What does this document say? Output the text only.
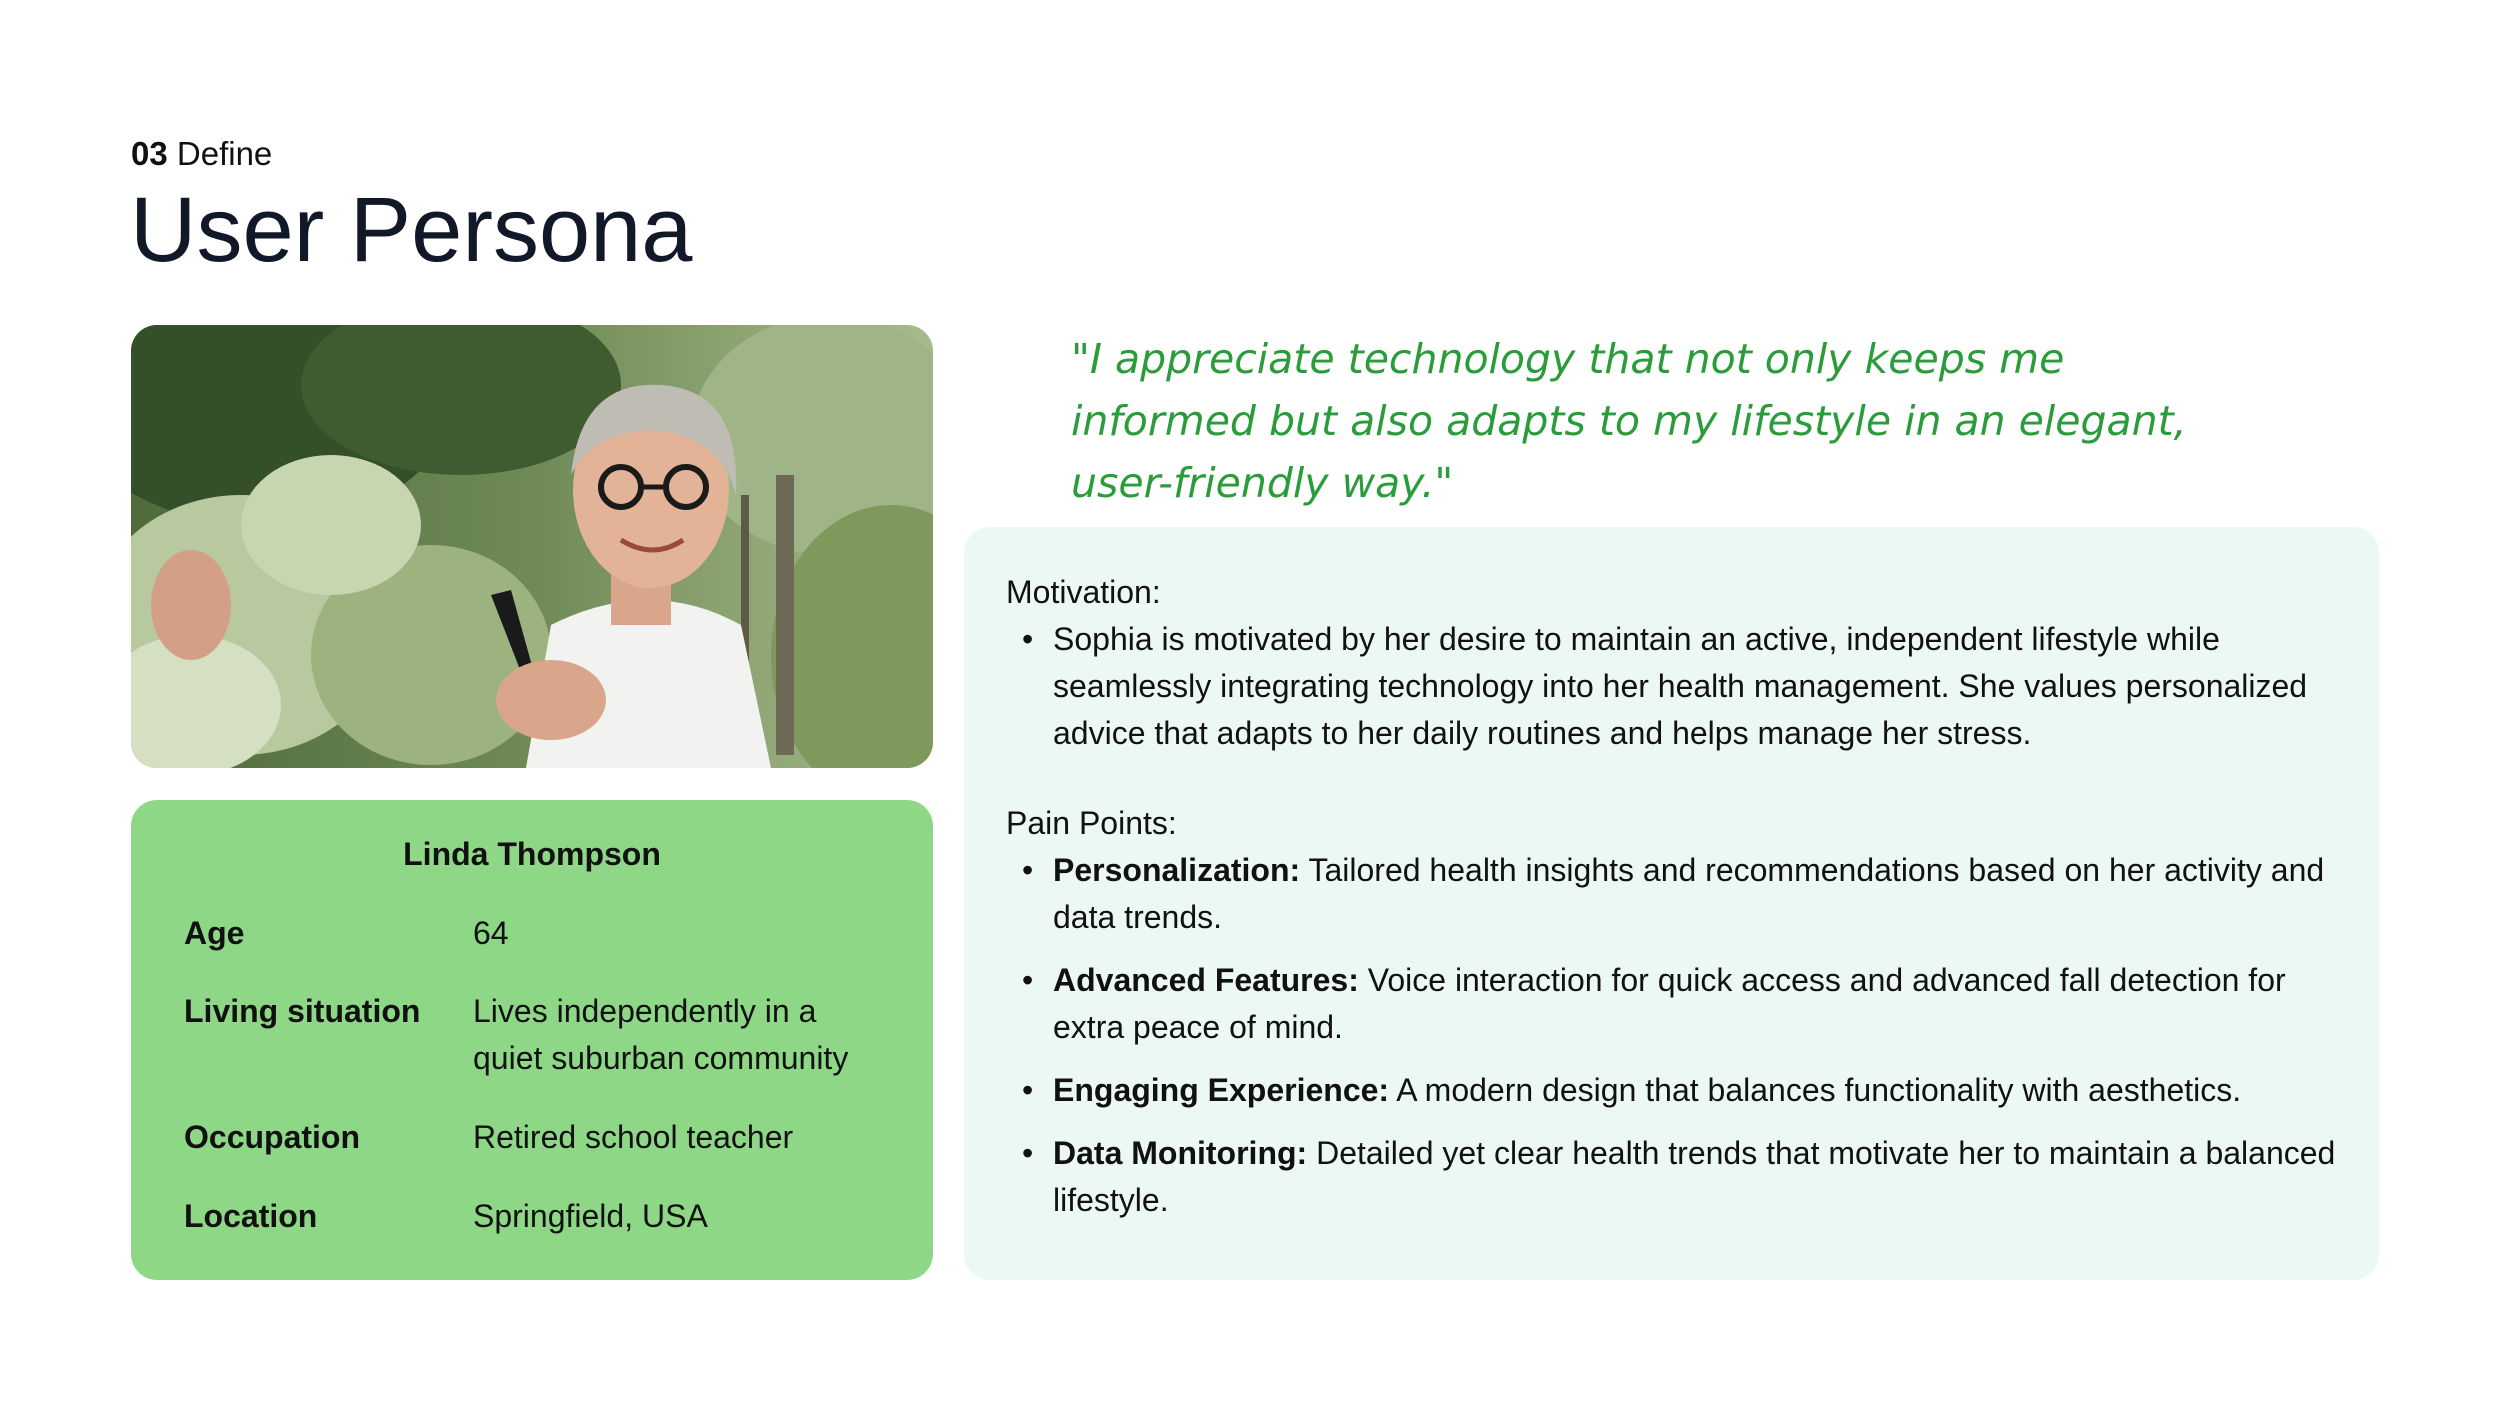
03 Define
User Persona
Linda Thompson
Age	64
Living situation	Lives independently in a quiet suburban community
Occupation	Retired school teacher
Location	Springfield, USA
"I appreciate technology that not only keeps me informed but also adapts to my lifestyle in an elegant, user-friendly way."
Motivation:
• Sophia is motivated by her desire to maintain an active, independent lifestyle while seamlessly integrating technology into her health management. She values personalized advice that adapts to her daily routines and helps manage her stress.
Pain Points:
• Personalization: Tailored health insights and recommendations based on her activity and data trends.
• Advanced Features: Voice interaction for quick access and advanced fall detection for extra peace of mind.
• Engaging Experience: A modern design that balances functionality with aesthetics.
• Data Monitoring: Detailed yet clear health trends that motivate her to maintain a balanced lifestyle.
